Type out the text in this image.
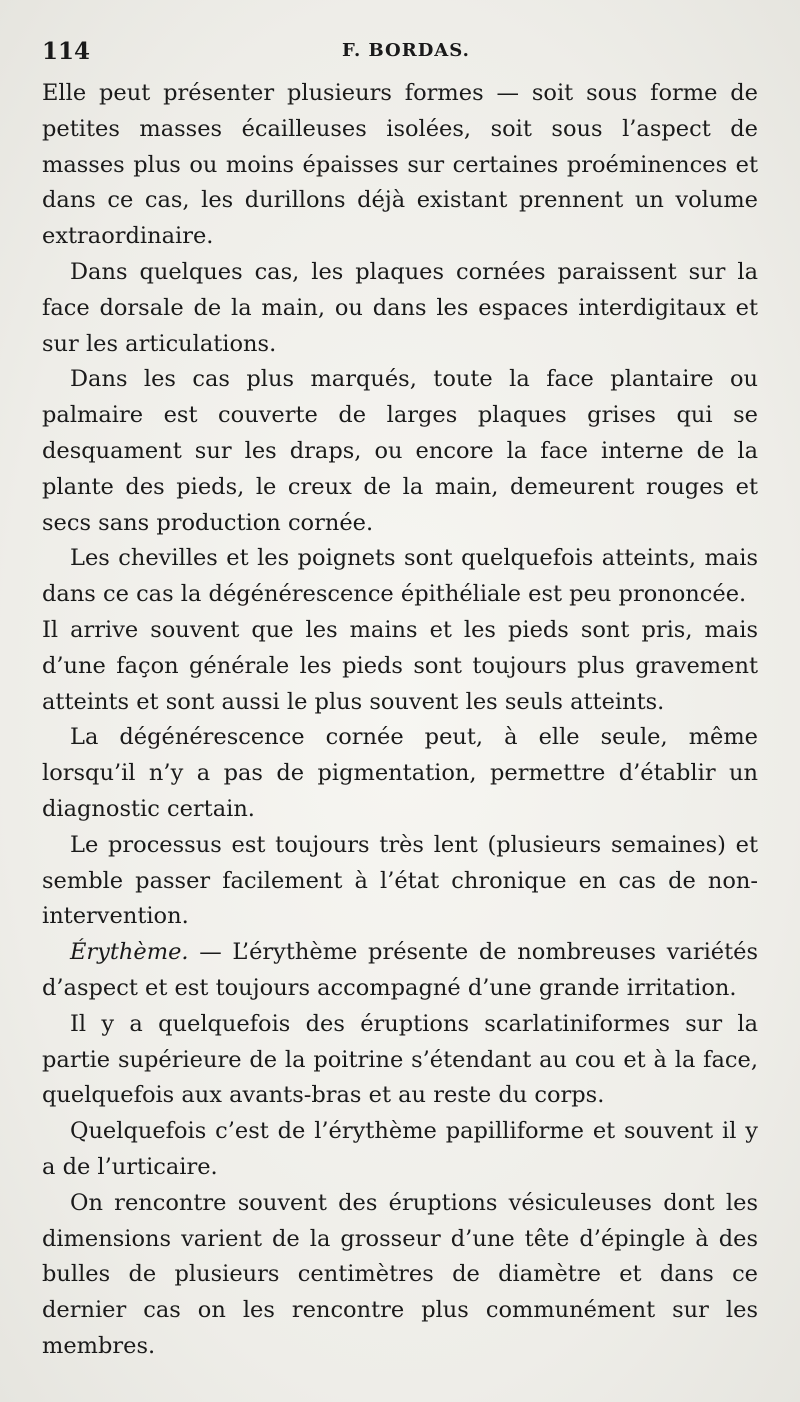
114	F. BORDAS.

Elle peut présenter plusieurs formes — soit sous forme de petites masses écailleuses isolées, soit sous l’aspect de masses plus ou moins épaisses sur certaines proéminences et dans ce cas, les durillons déjà existant prennent un volume extraordinaire.

Dans quelques cas, les plaques cornées paraissent sur la face dorsale de la main, ou dans les espaces interdigitaux et sur les articulations.

Dans les cas plus marqués, toute la face plantaire ou palmaire est couverte de larges plaques grises qui se desquament sur les draps, ou encore la face interne de la plante des pieds, le creux de la main, demeurent rouges et secs sans production cornée.

Les chevilles et les poignets sont quelquefois atteints, mais dans ce cas la dégénérescence épithéliale est peu prononcée.

Il arrive souvent que les mains et les pieds sont pris, mais d’une façon générale les pieds sont toujours plus gravement atteints et sont aussi le plus souvent les seuls atteints.

La dégénérescence cornée peut, à elle seule, même lorsqu’il n’y a pas de pigmentation, permettre d’établir un diagnostic certain.

Le processus est toujours très lent (plusieurs semaines) et semble passer facilement à l’état chronique en cas de non-intervention.

Érythème. — L’érythème présente de nombreuses variétés d’aspect et est toujours accompagné d’une grande irritation.

Il y a quelquefois des éruptions scarlatiniformes sur la partie supérieure de la poitrine s’étendant au cou et à la face, quelquefois aux avants-bras et au reste du corps.

Quelquefois c’est de l’érythème papilliforme et souvent il y a de l’urticaire.

On rencontre souvent des éruptions vésiculeuses dont les dimensions varient de la grosseur d’une tête d’épingle à des bulles de plusieurs centimètres de diamètre et dans ce dernier cas on les rencontre plus communément sur les membres.
